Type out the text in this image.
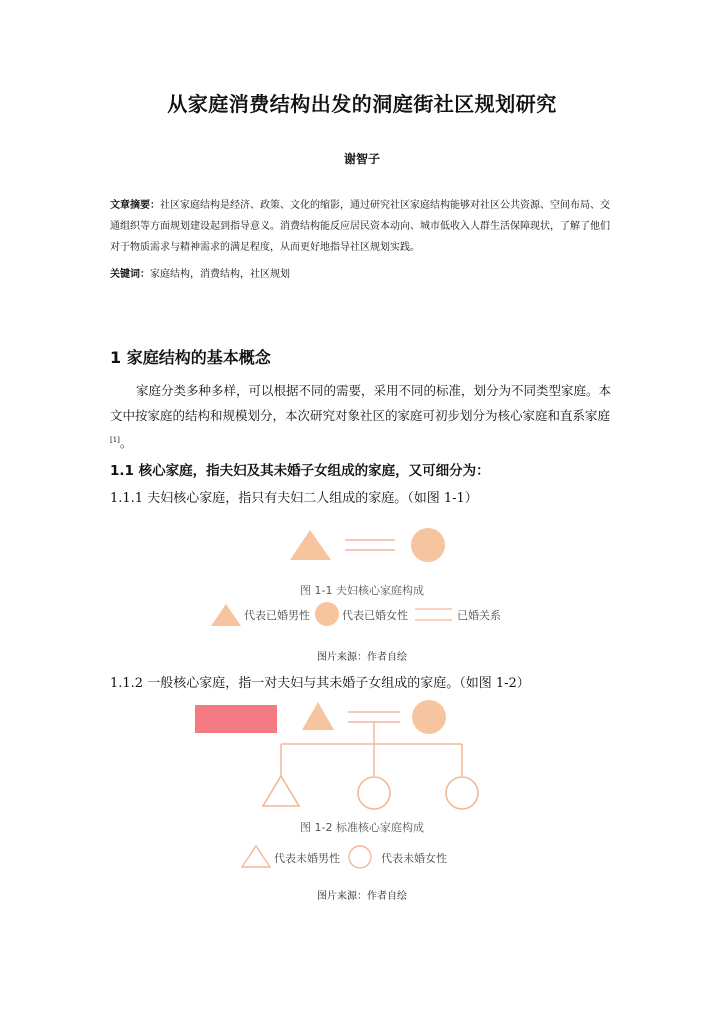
从家庭消费结构出发的洞庭街社区规划研究
谢智子
文章摘要：社区家庭结构是经济、政策、文化的缩影，通过研究社区家庭结构能够对社区公共资源、空间布局、交通组织等方面规划建设起到指导意义。消费结构能反应居民资本动向、城市低收入人群生活保障现状，了解了他们对于物质需求与精神需求的满足程度，从而更好地指导社区规划实践。
关键词：家庭结构，消费结构，社区规划
1 家庭结构的基本概念
家庭分类多种多样，可以根据不同的需要，采用不同的标准，划分为不同类型家庭。本文中按家庭的结构和规模划分，本次研究对象社区的家庭可初步划分为核心家庭和直系家庭[1]。
1.1 核心家庭，指夫妇及其未婚子女组成的家庭，又可细分为：
1.1.1 夫妇核心家庭，指只有夫妇二人组成的家庭。（如图 1-1）
图 1-1 夫妇核心家庭构成
代表已婚男性	代表已婚女性	已婚关系
图片来源：作者自绘
1.1.2 一般核心家庭，指一对夫妇与其未婚子女组成的家庭。（如图 1-2）
图 1-2 标准核心家庭构成
代表未婚男性	代表未婚女性
图片来源：作者自绘
